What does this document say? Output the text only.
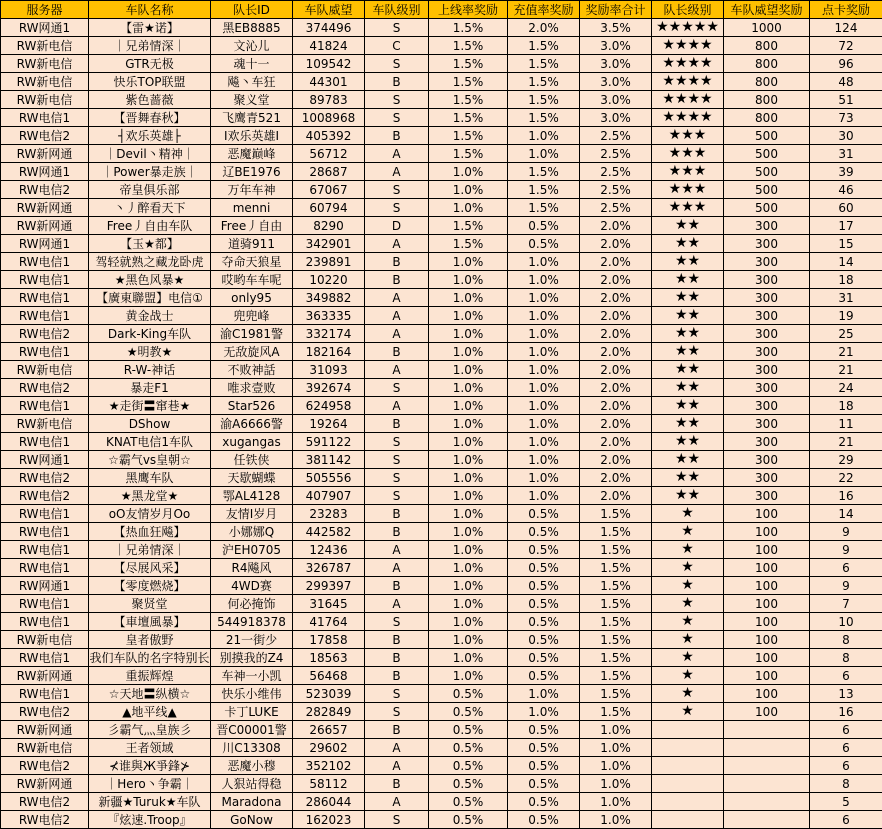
服务器	车队名称	队长ID	车队威望	车队级别	上线率奖励	充值率奖励	奖励率合计	队长级别	车队威望奖励	点卡奖励
RW网通1	【雷★诺】	黑EB8885	374496	S	1.5%	2.0%	3.5%	★★★★★	1000	124
RW新电信	｜兄弟情深｜	文沁儿	41824	C	1.5%	1.5%	3.0%	★★★★	800	72
RW新电信	GTR无极	魂十一	109542	S	1.5%	1.5%	3.0%	★★★★	800	96
RW新电信	快乐TOP联盟	飚丶车狂	44301	B	1.5%	1.5%	3.0%	★★★★	800	48
RW新电信	紫色蔷薇	聚义堂	89783	S	1.5%	1.5%	3.0%	★★★★	800	51
RW电信1	【晋舞春秋】	飞鹰青521	1008968	S	1.5%	1.5%	3.0%	★★★★	800	73
RW电信2	┤欢乐英雄├	I欢乐英雄I	405392	B	1.5%	1.0%	2.5%	★★★	500	30
RW新网通	｜Devil丶精神｜	恶魔巅峰	56712	A	1.5%	1.0%	2.5%	★★★	500	31
RW网通1	｜Power暴走族｜	辽BE1976	28687	A	1.0%	1.5%	2.5%	★★★	500	39
RW电信2	帝皇俱乐部	万年车神	67067	S	1.0%	1.5%	2.5%	★★★	500	46
RW新网通	丶丿醉看天下	menni	60794	S	1.0%	1.5%	2.5%	★★★	500	60
RW新网通	Free丿自由车队	Free丿自由	8290	D	1.5%	0.5%	2.0%	★★	300	17
RW网通1	【玉★都】	道骑911	342901	A	1.5%	0.5%	2.0%	★★	300	15
RW电信1	驾轻就熟之藏龙卧虎	夺命天狼星	239891	B	1.0%	1.0%	2.0%	★★	300	14
RW电信1	★黑色风暴★	哎哟车车呢	10220	B	1.0%	1.0%	2.0%	★★	300	18
RW电信1	【廣東聯盟】电信①	only95	349882	A	1.0%	1.0%	2.0%	★★	300	31
RW电信1	黄金战士	兜兜峰	363335	A	1.0%	1.0%	2.0%	★★	300	19
RW电信2	Dark-King车队	渝C1981警	332174	A	1.0%	1.0%	2.0%	★★	300	25
RW电信1	★明教★	无敌旋风A	182164	B	1.0%	1.0%	2.0%	★★	300	21
RW新电信	R-W-神话	不败神話	31093	A	1.0%	1.0%	2.0%	★★	300	21
RW电信2	暴走F1	唯求壹败	392674	S	1.0%	1.0%	2.0%	★★	300	24
RW电信1	★走街〓窜巷★	Star526	624958	A	1.0%	1.0%	2.0%	★★	300	18
RW新电信	DShow	渝A6666警	19264	B	1.0%	1.0%	2.0%	★★	300	11
RW电信1	KNAT电信1车队	xugangas	591122	S	1.0%	1.0%	2.0%	★★	300	21
RW网通1	☆霸气vs皇朝☆	任铁侠	381142	S	1.0%	1.0%	2.0%	★★	300	29
RW电信2	黑鹰车队	天歇蝴蝶	505556	S	1.0%	1.0%	2.0%	★★	300	22
RW电信2	★黑龙堂★	鄂AL4128	407907	S	1.0%	1.0%	2.0%	★★	300	16
RW电信1	oO友情岁月Oo	友情I岁月	23283	B	1.0%	0.5%	1.5%	★	100	14
RW电信1	【热血狂飚】	小娜娜Q	442582	B	1.0%	0.5%	1.5%	★	100	9
RW电信1	｜兄弟情深｜	沪EH0705	12436	A	1.0%	0.5%	1.5%	★	100	9
RW电信1	【尽展风采】	R4飚风	326787	A	1.0%	0.5%	1.5%	★	100	6
RW网通1	【零度燃烧】	4WD赛	299397	B	1.0%	0.5%	1.5%	★	100	9
RW电信1	聚贤堂	何必掩饰	31645	A	1.0%	0.5%	1.5%	★	100	7
RW电信1	【車壇風暴】	544918378	41764	S	1.0%	0.5%	1.5%	★	100	10
RW新电信	皇者傲野	21一街少	17858	B	1.0%	0.5%	1.5%	★	100	8
RW电信1	我们车队的名字特别长	别摸我的Z4	18563	B	1.0%	0.5%	1.5%	★	100	8
RW新网通	重振辉煌	车神一小凯	56468	B	1.0%	0.5%	1.5%	★	100	6
RW电信1	☆天地〓纵横☆	快乐小维伟	523039	S	0.5%	1.0%	1.5%	★	100	13
RW电信2	▲地平线▲	卡丁LUKE	282849	S	0.5%	1.0%	1.5%	★	100	16
RW新网通	彡霸气灬皇族彡	晋C00001警	26657	B	0.5%	0.5%	1.0%			6
RW新电信	王者领域	川C13308	29602	A	0.5%	0.5%	1.0%			6
RW电信2	⊀谁與Ж爭鋒⊁	恶魔小穆	352102	A	0.5%	0.5%	1.0%			6
RW新网通	｜Hero丶争霸｜	人狠站得稳	58112	B	0.5%	0.5%	1.0%			8
RW电信2	新疆★Turuk★车队	Maradona	286044	A	0.5%	0.5%	1.0%			5
RW电信2	『炫速.Troop』	GoNow	162023	S	0.5%	0.5%	1.0%			6
